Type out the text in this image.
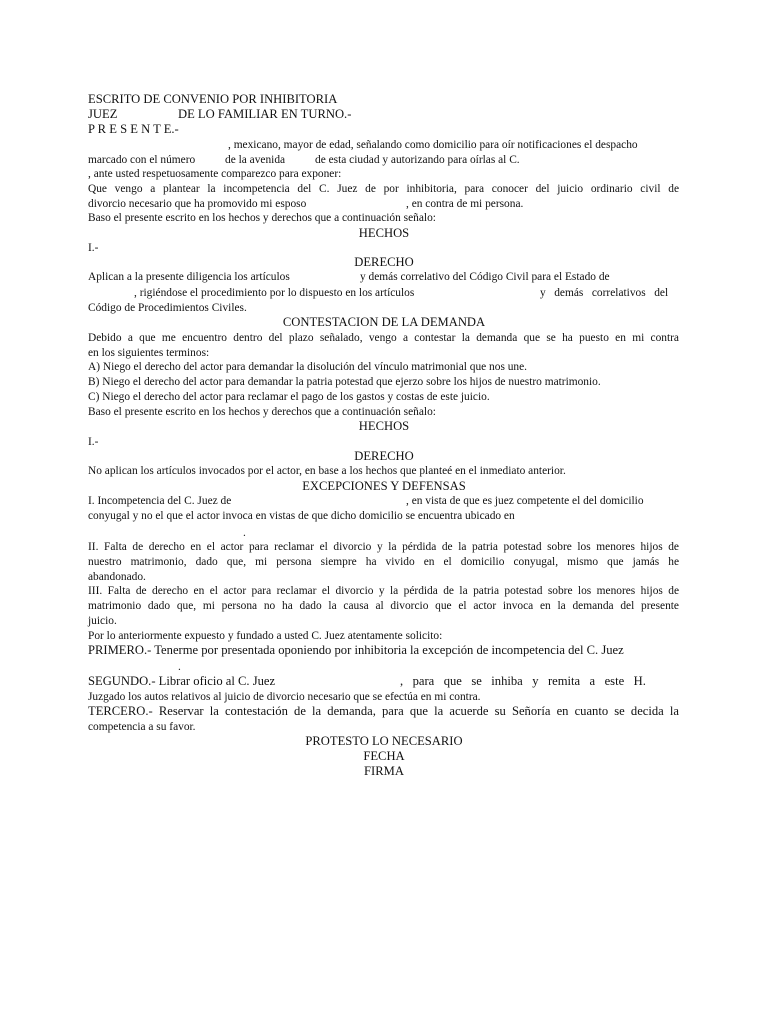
ESCRITO DE CONVENIO POR INHIBITORIA
JUEZ	DE LO FAMILIAR EN TURNO.-
P R E S E N T E.-
, mexicano, mayor de edad, señalando como domicilio para oír notificaciones el despacho
marcado con el número	de la avenida	de esta ciudad y autorizando para oírlas al C.
, ante usted respetuosamente comparezco para exponer:
Que vengo a plantear la incompetencia del C. Juez de por inhibitoria, para conocer del juicio ordinario civil de
divorcio necesario que ha promovido mi esposo	, en contra de mi persona.
Baso el presente escrito en los hechos y derechos que a continuación señalo:
HECHOS
I.-
DERECHO
Aplican a la presente diligencia los artículos	y demás correlativo del Código Civil para el Estado de
, rigiéndose el procedimiento por lo dispuesto en los artículos	y   demás   correlativos   del
Código de Procedimientos Civiles.
CONTESTACION DE LA DEMANDA
Debido a que me encuentro dentro del plazo señalado, vengo a contestar la demanda que se ha puesto en mi contra
en los siguientes terminos:
A) Niego el derecho del actor para demandar la disolución del vínculo matrimonial que nos une.
B) Niego el derecho del actor para demandar la patria potestad que ejerzo sobre los hijos de nuestro matrimonio.
C) Niego el derecho del actor para reclamar el pago de los gastos y costas de este juicio.
Baso el presente escrito en los hechos y derechos que a continuación señalo:
HECHOS
I.-
DERECHO
No aplican los artículos invocados por el actor, en base a los hechos que planteé en el inmediato anterior.
EXCEPCIONES Y DEFENSAS
I. Incompetencia del C. Juez de	, en vista de que es juez competente el del domicilio
conyugal y no el que el actor invoca en vistas de que dicho domicilio se encuentra ubicado en
.
II. Falta de derecho en el actor para reclamar el divorcio y la pérdida de la patria potestad sobre los menores hijos de
nuestro matrimonio, dado que, mi persona siempre ha vivido en el domicilio conyugal, mismo que jamás he
abandonado.
III. Falta de derecho en el actor para reclamar el divorcio y la pérdida de la patria potestad sobre los menores hijos de
matrimonio dado que, mi persona no ha dado la causa al divorcio que el actor invoca en la demanda del presente
juicio.
Por lo anteriormente expuesto y fundado a usted C. Juez atentamente solicito:
PRIMERO.- Tenerme por presentada oponiendo por inhibitoria la excepción de incompetencia del C. Juez
.
SEGUNDO.- Librar oficio al C. Juez	,   para   que   se   inhiba   y   remita   a   este   H.
Juzgado los autos relativos al juicio de divorcio necesario que se efectúa en mi contra.
TERCERO.- Reservar la contestación de la demanda, para que la acuerde su Señoría en cuanto se decida la
competencia a su favor.
PROTESTO LO NECESARIO
FECHA
FIRMA
